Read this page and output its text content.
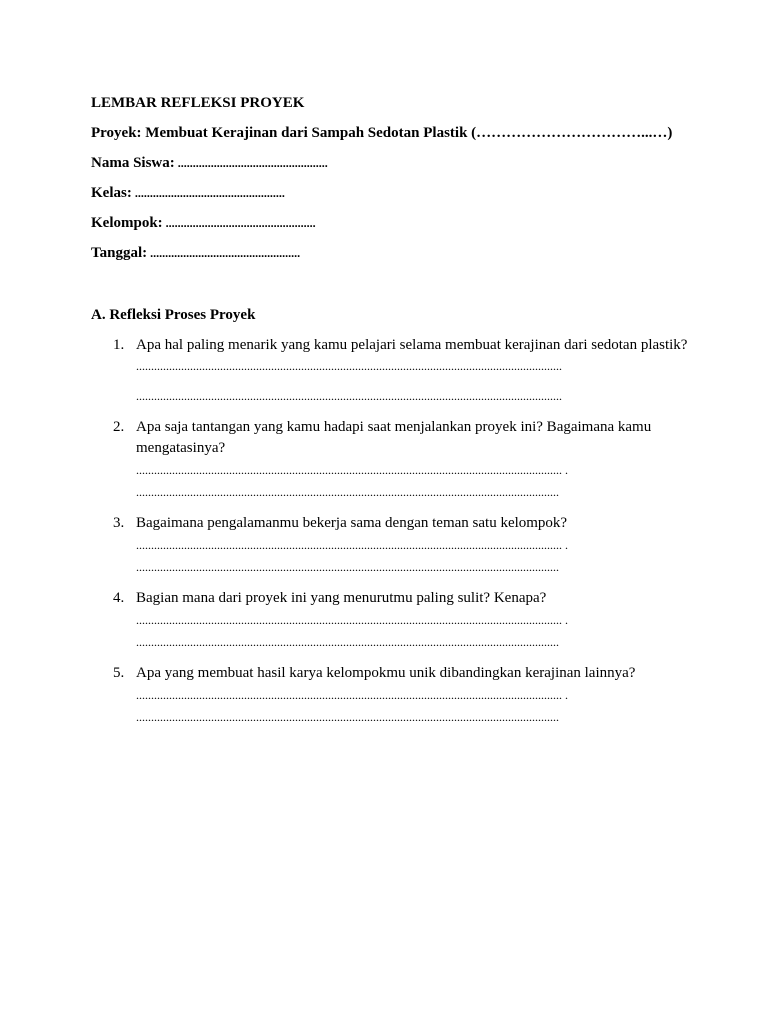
LEMBAR REFLEKSI PROYEK
Proyek: Membuat Kerajinan dari Sampah Sedotan Plastik (……………………………...…)
Nama Siswa: ..................................................
Kelas: ..................................................
Kelompok: ..................................................
Tanggal: ..................................................
A. Refleksi Proses Proyek
1. Apa hal paling menarik yang kamu pelajari selama membuat kerajinan dari sedotan plastik?
..............................................................................................................................................
..............................................................................................................................................
2. Apa saja tantangan yang kamu hadapi saat menjalankan proyek ini? Bagaimana kamu mengatasinya?
.............................................................................................................................................. .
.............................................................................................................................................
3. Bagaimana pengalamanmu bekerja sama dengan teman satu kelompok?
.............................................................................................................................................. .
.............................................................................................................................................
4. Bagian mana dari proyek ini yang menurutmu paling sulit? Kenapa?
.............................................................................................................................................. .
.............................................................................................................................................
5. Apa yang membuat hasil karya kelompokmu unik dibandingkan kerajinan lainnya?
.............................................................................................................................................. .
.............................................................................................................................................
